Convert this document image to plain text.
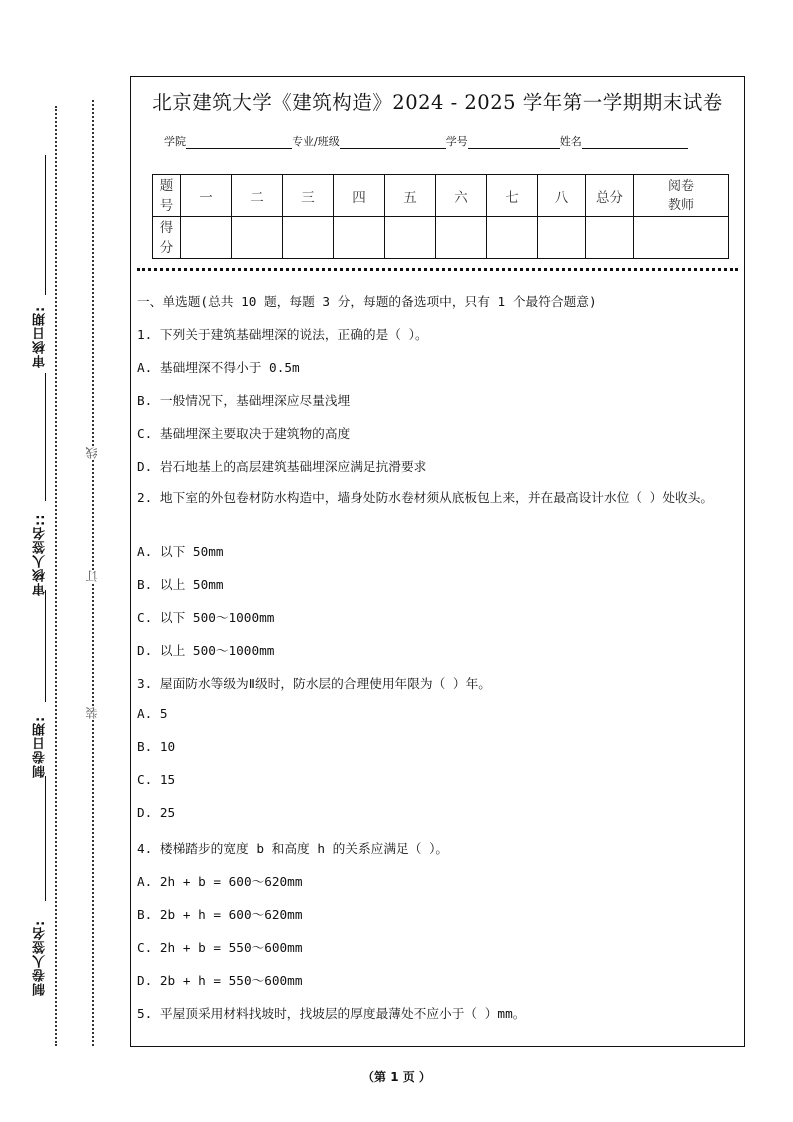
审核日期:
审核人签名::
制卷日期:
制卷人签名:
线
订
装
北京建筑大学《建筑构造》2024 - 2025 学年第一学期期末试卷
学院	专业/班级	学号	姓名
题号	一	二	三	四	五	六	七	八	总分	阅卷
教师

得分										
一、单选题(总共 10 题，每题 3 分，每题的备选项中，只有 1 个最符合题意)
1. 下列关于建筑基础埋深的说法，正确的是（ ）。
A. 基础埋深不得小于 0.5m
B. 一般情况下，基础埋深应尽量浅埋
C. 基础埋深主要取决于建筑物的高度
D. 岩石地基上的高层建筑基础埋深应满足抗滑要求
2. 地下室的外包卷材防水构造中，墙身处防水卷材须从底板包上来，并在最高设计水位（ ）处收头。
A. 以下 50mm
B. 以上 50mm
C. 以下 500～1000mm
D. 以上 500～1000mm
3. 屋面防水等级为Ⅱ级时，防水层的合理使用年限为（ ）年。
A. 5
B. 10
C. 15
D. 25
4. 楼梯踏步的宽度 b 和高度 h 的关系应满足（ ）。
A. 2h + b = 600～620mm
B. 2b + h = 600～620mm
C. 2h + b = 550～600mm
D. 2b + h = 550～600mm
5. 平屋顶采用材料找坡时，找坡层的厚度最薄处不应小于（ ）mm。
（第 1 页 ）
